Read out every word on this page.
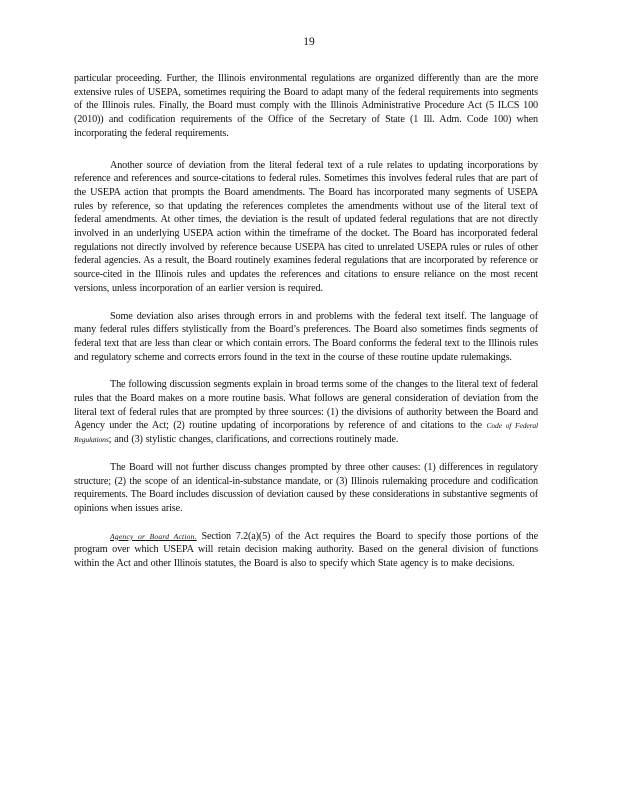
19

particular proceeding. Further, the Illinois environmental regulations are organized differently than are the more extensive rules of USEPA, sometimes requiring the Board to adapt many of the federal requirements into segments of the Illinois rules. Finally, the Board must comply with the Illinois Administrative Procedure Act (5 ILCS 100 (2010)) and codification requirements of the Office of the Secretary of State (1 Ill. Adm. Code 100) when incorporating the federal requirements.

Another source of deviation from the literal federal text of a rule relates to updating incorporations by reference and references and source-citations to federal rules. Sometimes this involves federal rules that are part of the USEPA action that prompts the Board amendments. The Board has incorporated many segments of USEPA rules by reference, so that updating the references completes the amendments without use of the literal text of federal amendments. At other times, the deviation is the result of updated federal regulations that are not directly involved in an underlying USEPA action within the timeframe of the docket. The Board has incorporated federal regulations not directly involved by reference because USEPA has cited to unrelated USEPA rules or rules of other federal agencies. As a result, the Board routinely examines federal regulations that are incorporated by reference or source-cited in the Illinois rules and updates the references and citations to ensure reliance on the most recent versions, unless incorporation of an earlier version is required.

Some deviation also arises through errors in and problems with the federal text itself. The language of many federal rules differs stylistically from the Board’s preferences. The Board also sometimes finds segments of federal text that are less than clear or which contain errors. The Board conforms the federal text to the Illinois rules and regulatory scheme and corrects errors found in the text in the course of these routine update rulemakings.

The following discussion segments explain in broad terms some of the changes to the literal text of federal rules that the Board makes on a more routine basis. What follows are general consideration of deviation from the literal text of federal rules that are prompted by three sources: (1) the divisions of authority between the Board and Agency under the Act; (2) routine updating of incorporations by reference of and citations to the Code of Federal Regulations; and (3) stylistic changes, clarifications, and corrections routinely made.

The Board will not further discuss changes prompted by three other causes: (1) differences in regulatory structure; (2) the scope of an identical-in-substance mandate, or (3) Illinois rulemaking procedure and codification requirements. The Board includes discussion of deviation caused by these considerations in substantive segments of opinions when issues arise.

Agency or Board Action. Section 7.2(a)(5) of the Act requires the Board to specify those portions of the program over which USEPA will retain decision making authority. Based on the general division of functions within the Act and other Illinois statutes, the Board is also to specify which State agency is to make decisions.
